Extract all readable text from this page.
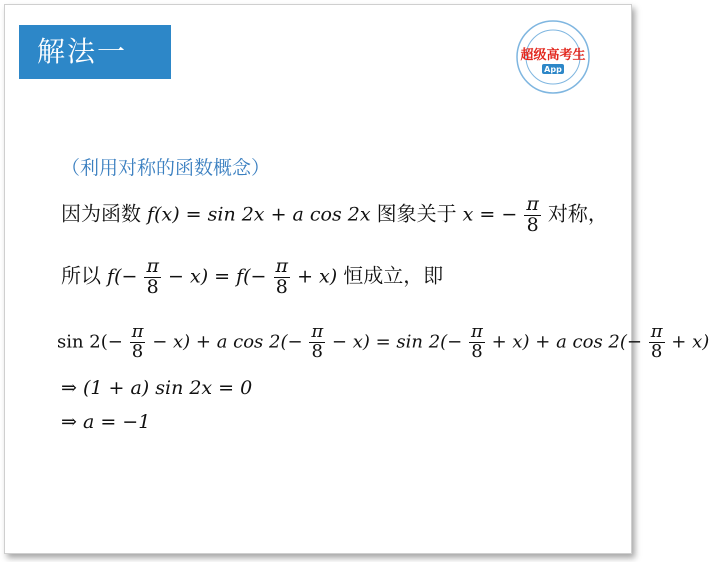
解法一	超级高考生
App
（利用对称的函数概念）
因为函数 f(x) = sin 2x + a cos 2x 图象关于 x = − $\frac{\pi}{8}$ 对称，
所以 $f(- \frac{\pi}{8} - x) = f(- \frac{\pi}{8} + x)$ 恒成立，即
$\sin 2(- \frac{\pi}{8} - x) + a$ $\cos 2(- \frac{\pi}{8} - x) = \sin 2(- \frac{\pi}{8} + x) + a$ $\cos 2(- \frac{\pi}{8} + x)$
⇒ (1 + a) sin 2x = 0
⇒ a = −1
